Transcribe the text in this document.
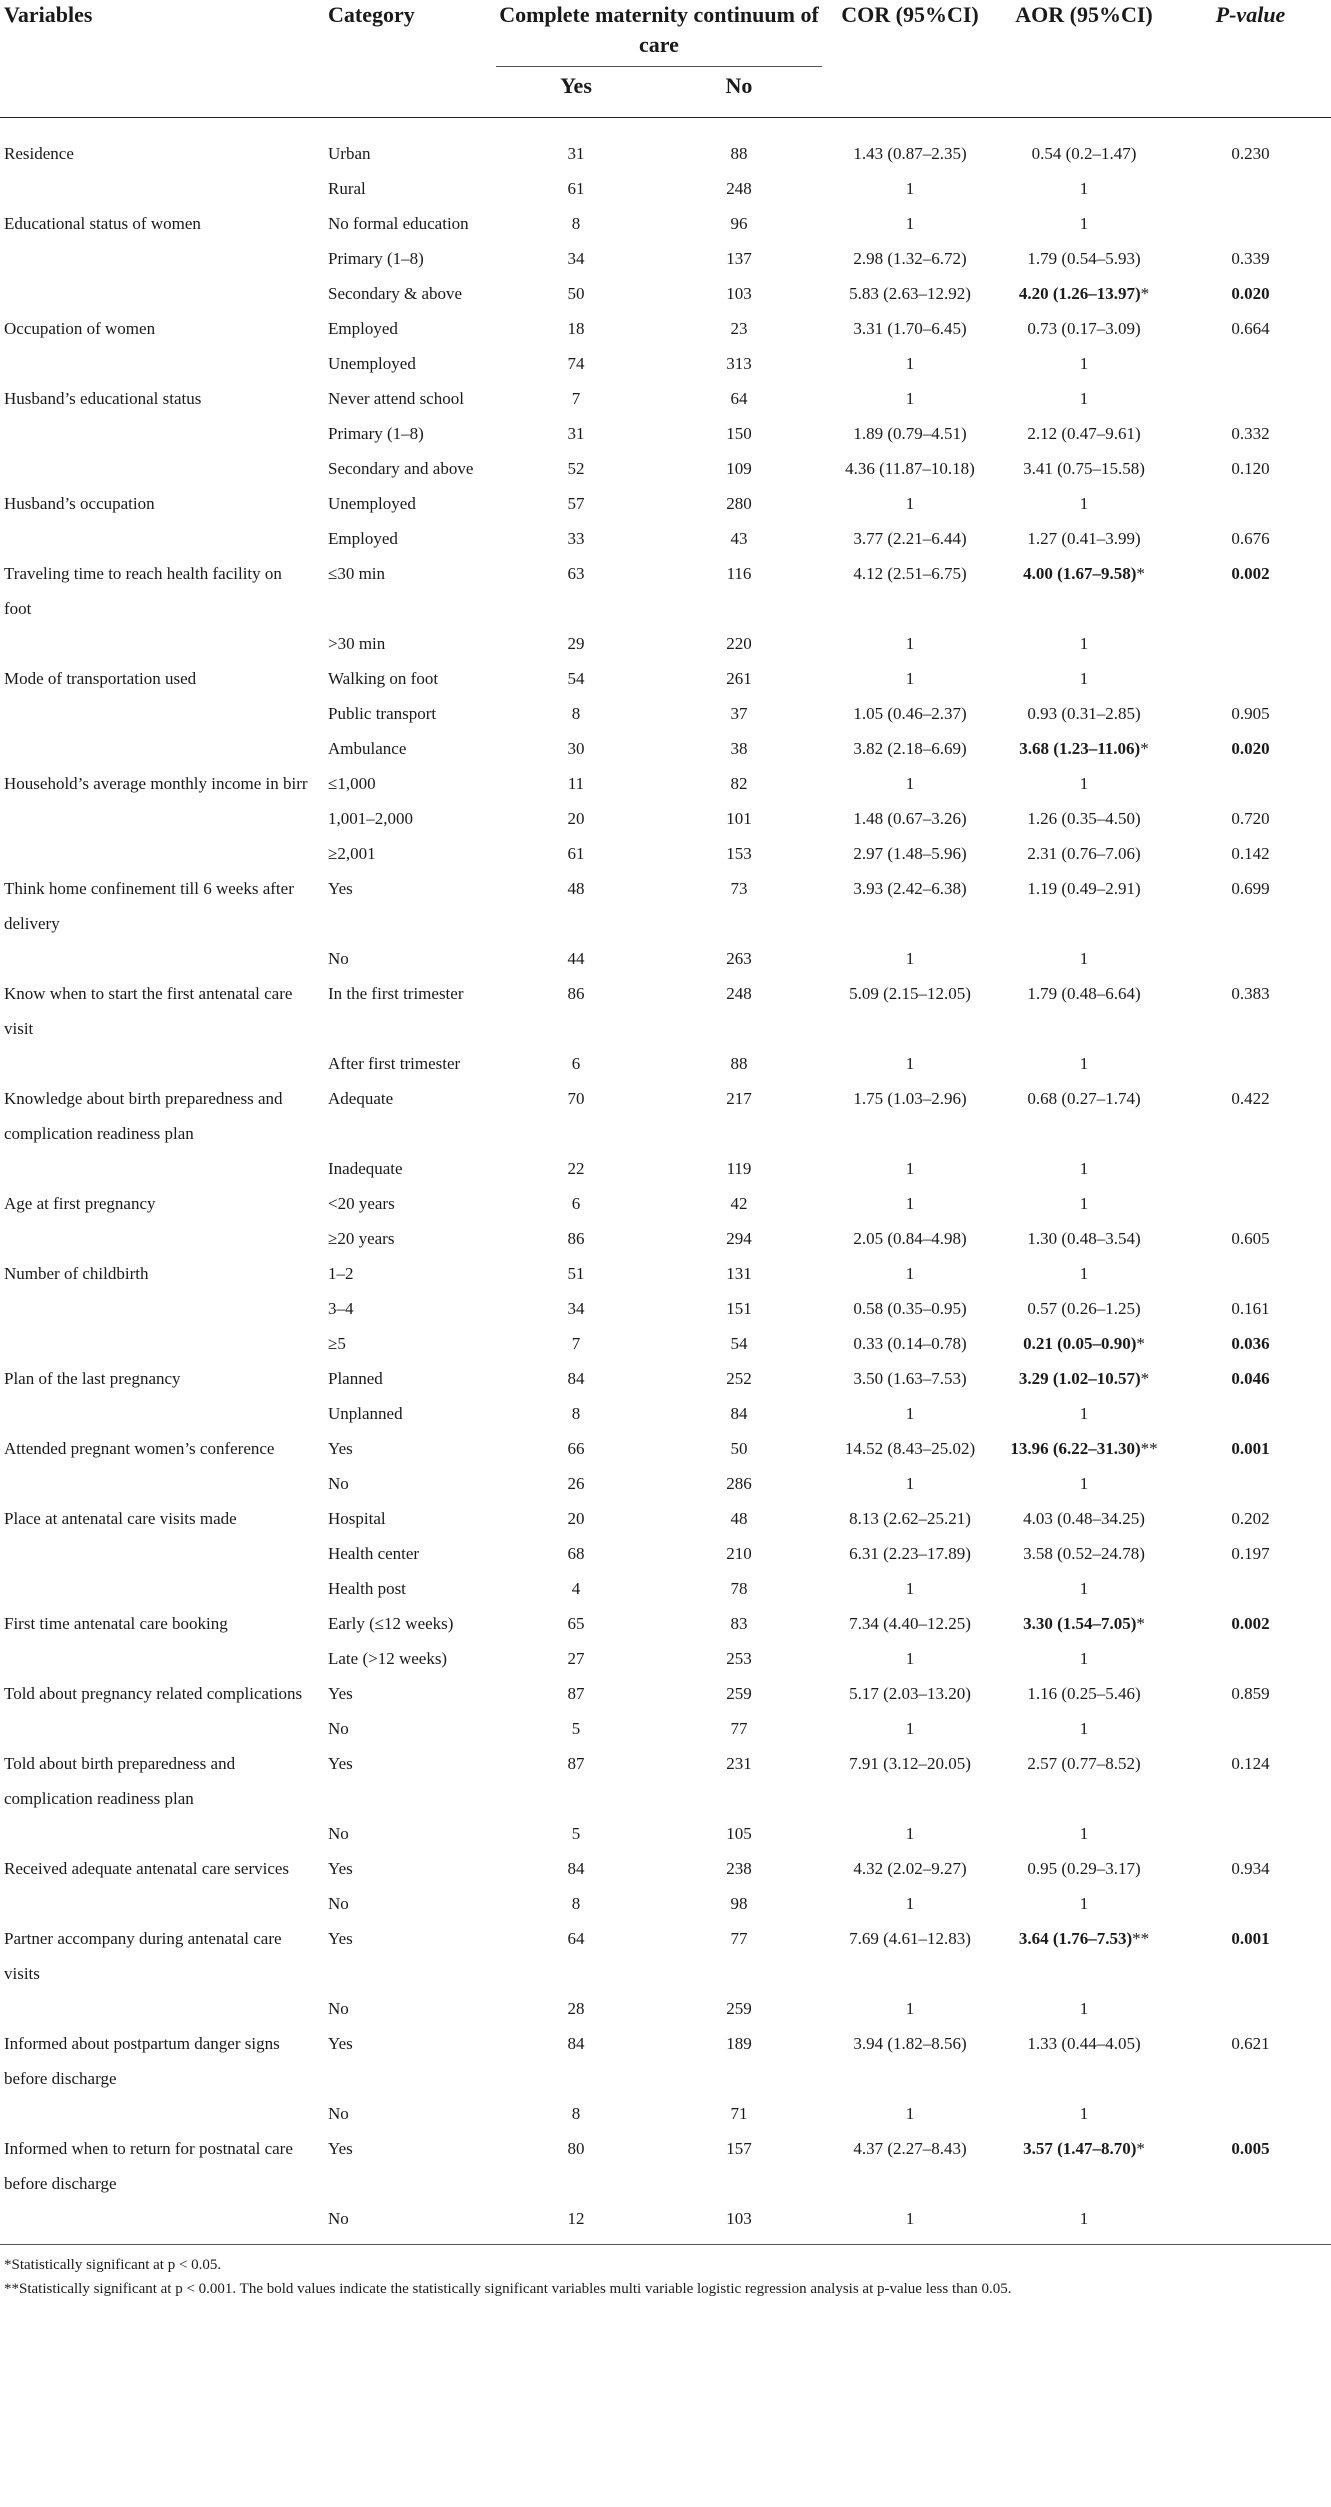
Variables	Category	Complete maternity continuum of care		COR (95%CI)	AOR (95%CI)	P-value
		Yes	No			

Residence	Urban	31	88	1.43 (0.87–2.35)	0.54 (0.2–1.47)	0.230
	Rural	61	248	1	1	
Educational status of women	No formal education	8	96	1	1	
	Primary (1–8)	34	137	2.98 (1.32–6.72)	1.79 (0.54–5.93)	0.339
	Secondary & above	50	103	5.83 (2.63–12.92)	4.20 (1.26–13.97)*	0.020
Occupation of women	Employed	18	23	3.31 (1.70–6.45)	0.73 (0.17–3.09)	0.664
	Unemployed	74	313	1	1	
Husband’s educational status	Never attend school	7	64	1	1	
	Primary (1–8)	31	150	1.89 (0.79–4.51)	2.12 (0.47–9.61)	0.332
	Secondary and above	52	109	4.36 (11.87–10.18)	3.41 (0.75–15.58)	0.120
Husband’s occupation	Unemployed	57	280	1	1	
	Employed	33	43	3.77 (2.21–6.44)	1.27 (0.41–3.99)	0.676
Traveling time to reach health facility on foot	≤30 min	63	116	4.12 (2.51–6.75)	4.00 (1.67–9.58)*	0.002
	>30 min	29	220	1	1	
Mode of transportation used	Walking on foot	54	261	1	1	
	Public transport	8	37	1.05 (0.46–2.37)	0.93 (0.31–2.85)	0.905
	Ambulance	30	38	3.82 (2.18–6.69)	3.68 (1.23–11.06)*	0.020
Household’s average monthly income in birr	≤1,000	11	82	1	1	
	1,001–2,000	20	101	1.48 (0.67–3.26)	1.26 (0.35–4.50)	0.720
	≥2,001	61	153	2.97 (1.48–5.96)	2.31 (0.76–7.06)	0.142
Think home confinement till 6 weeks after delivery	Yes	48	73	3.93 (2.42–6.38)	1.19 (0.49–2.91)	0.699
	No	44	263	1	1	
Know when to start the first antenatal care visit	In the first trimester	86	248	5.09 (2.15–12.05)	1.79 (0.48–6.64)	0.383
	After first trimester	6	88	1	1	
Knowledge about birth preparedness and complication readiness plan	Adequate	70	217	1.75 (1.03–2.96)	0.68 (0.27–1.74)	0.422
	Inadequate	22	119	1	1	
Age at first pregnancy	<20 years	6	42	1	1	
	≥20 years	86	294	2.05 (0.84–4.98)	1.30 (0.48–3.54)	0.605
Number of childbirth	1–2	51	131	1	1	
	3–4	34	151	0.58 (0.35–0.95)	0.57 (0.26–1.25)	0.161
	≥5	7	54	0.33 (0.14–0.78)	0.21 (0.05–0.90)*	0.036
Plan of the last pregnancy	Planned	84	252	3.50 (1.63–7.53)	3.29 (1.02–10.57)*	0.046
	Unplanned	8	84	1	1	
Attended pregnant women’s conference	Yes	66	50	14.52 (8.43–25.02)	13.96 (6.22–31.30)**	0.001
	No	26	286	1	1	
Place at antenatal care visits made	Hospital	20	48	8.13 (2.62–25.21)	4.03 (0.48–34.25)	0.202
	Health center	68	210	6.31 (2.23–17.89)	3.58 (0.52–24.78)	0.197
	Health post	4	78	1	1	
First time antenatal care booking	Early (≤12 weeks)	65	83	7.34 (4.40–12.25)	3.30 (1.54–7.05)*	0.002
	Late (>12 weeks)	27	253	1	1	
Told about pregnancy related complications	Yes	87	259	5.17 (2.03–13.20)	1.16 (0.25–5.46)	0.859
	No	5	77	1	1	
Told about birth preparedness and complication readiness plan	Yes	87	231	7.91 (3.12–20.05)	2.57 (0.77–8.52)	0.124
	No	5	105	1	1	
Received adequate antenatal care services	Yes	84	238	4.32 (2.02–9.27)	0.95 (0.29–3.17)	0.934
	No	8	98	1	1	
Partner accompany during antenatal care visits	Yes	64	77	7.69 (4.61–12.83)	3.64 (1.76–7.53)**	0.001
	No	28	259	1	1	
Informed about postpartum danger signs before discharge	Yes	84	189	3.94 (1.82–8.56)	1.33 (0.44–4.05)	0.621
	No	8	71	1	1	
Informed when to return for postnatal care before discharge	Yes	80	157	4.37 (2.27–8.43)	3.57 (1.47–8.70)*	0.005
	No	12	103	1	1	
*Statistically significant at p < 0.05.
**Statistically significant at p < 0.001. The bold values indicate the statistically significant variables multi variable logistic regression analysis at p-value less than 0.05.
